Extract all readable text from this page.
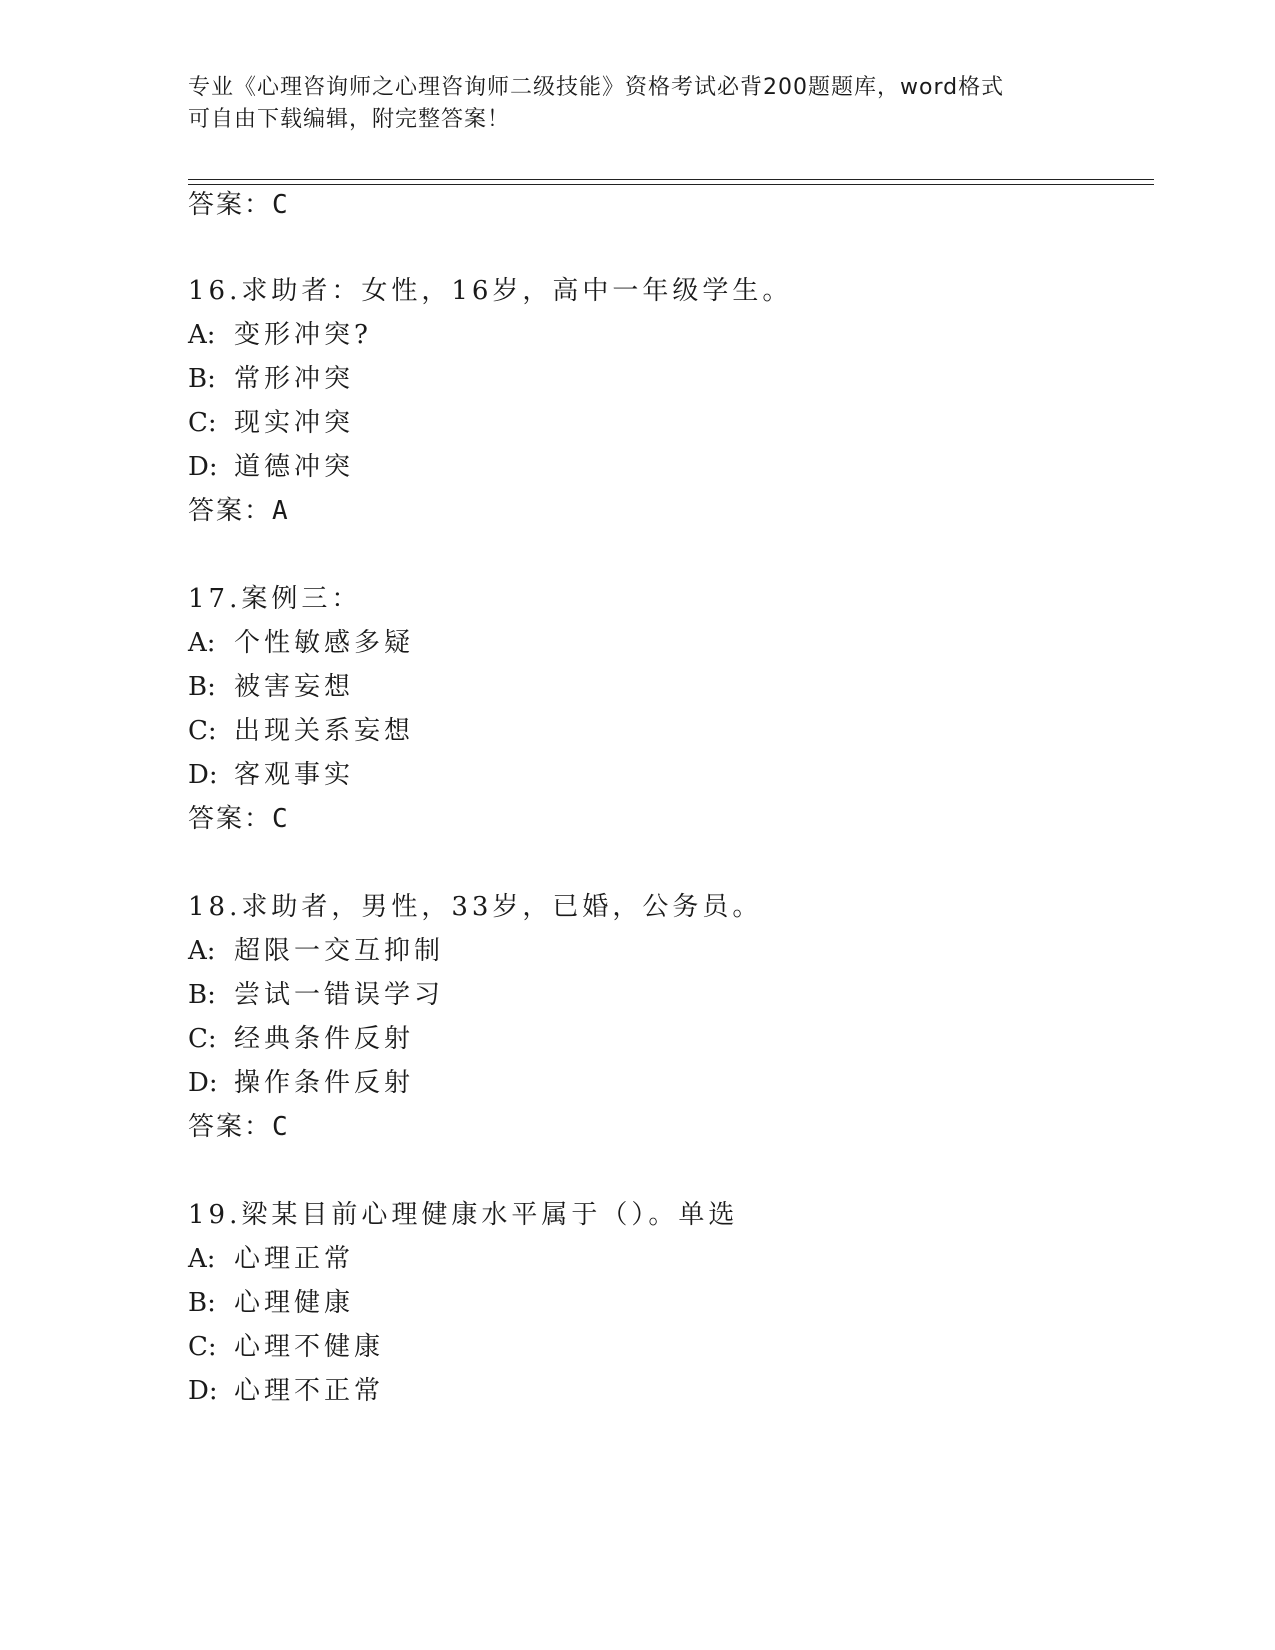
专业《心理咨询师之心理咨询师二级技能》资格考试必背200题题库，word格式
可自由下载编辑，附完整答案！
答案：C
16.求助者：女性，16岁，高中一年级学生。
A: 变形冲突?
B: 常形冲突
C: 现实冲突
D: 道德冲突
答案：A
17.案例三：
A: 个性敏感多疑
B: 被害妄想
C: 出现关系妄想
D: 客观事实
答案：C
18.求助者，男性，33岁，已婚，公务员。
A: 超限一交互抑制
B: 尝试一错误学习
C: 经典条件反射
D: 操作条件反射
答案：C
19.梁某目前心理健康水平属于（）。单选
A: 心理正常
B: 心理健康
C: 心理不健康
D: 心理不正常
